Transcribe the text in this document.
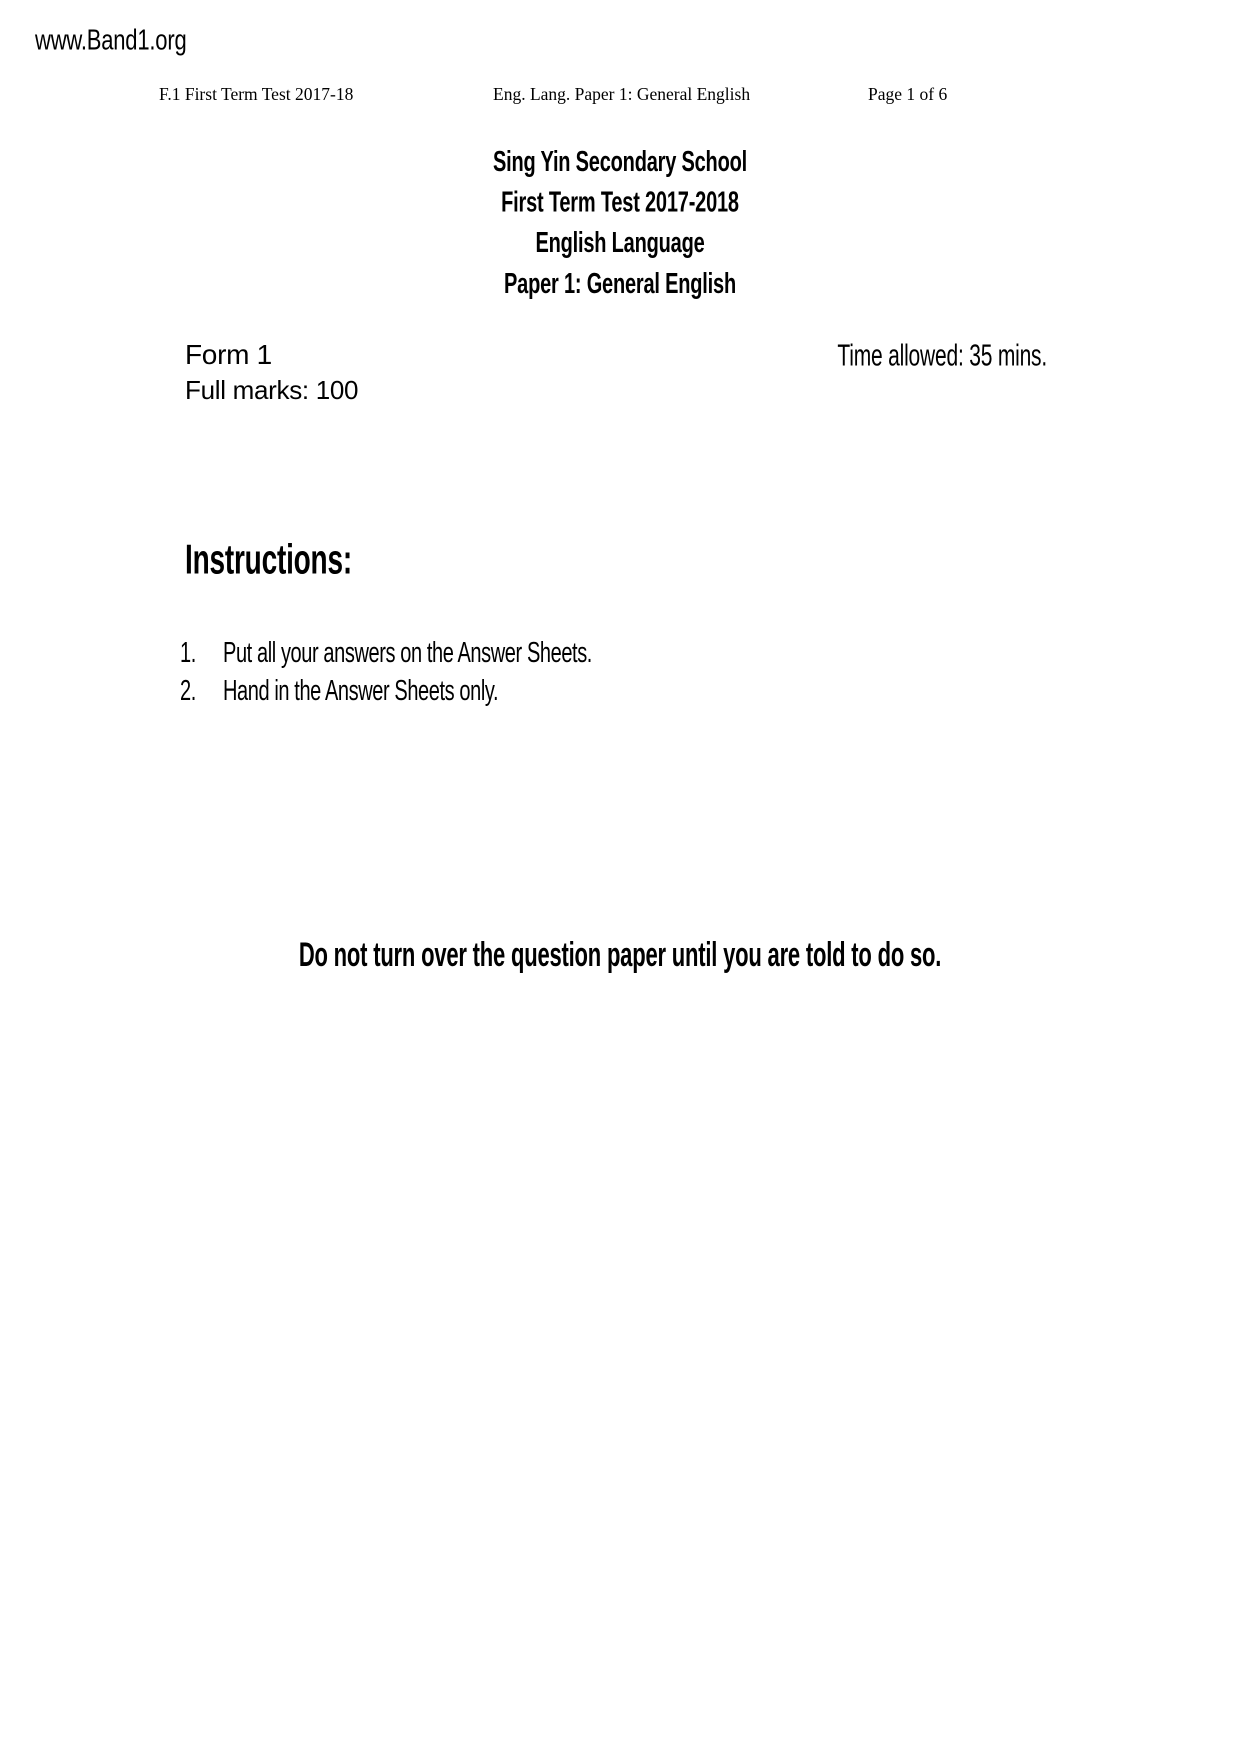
www.Band1.org
F.1 First Term Test 2017-18	Eng. Lang. Paper 1: General English	Page 1 of 6
Sing Yin Secondary School
First Term Test 2017-2018
English Language
Paper 1: General English
Form 1	Time allowed: 35 mins.
Full marks: 100
Instructions:
1. Put all your answers on the Answer Sheets.
2. Hand in the Answer Sheets only.
Do not turn over the question paper until you are told to do so.
